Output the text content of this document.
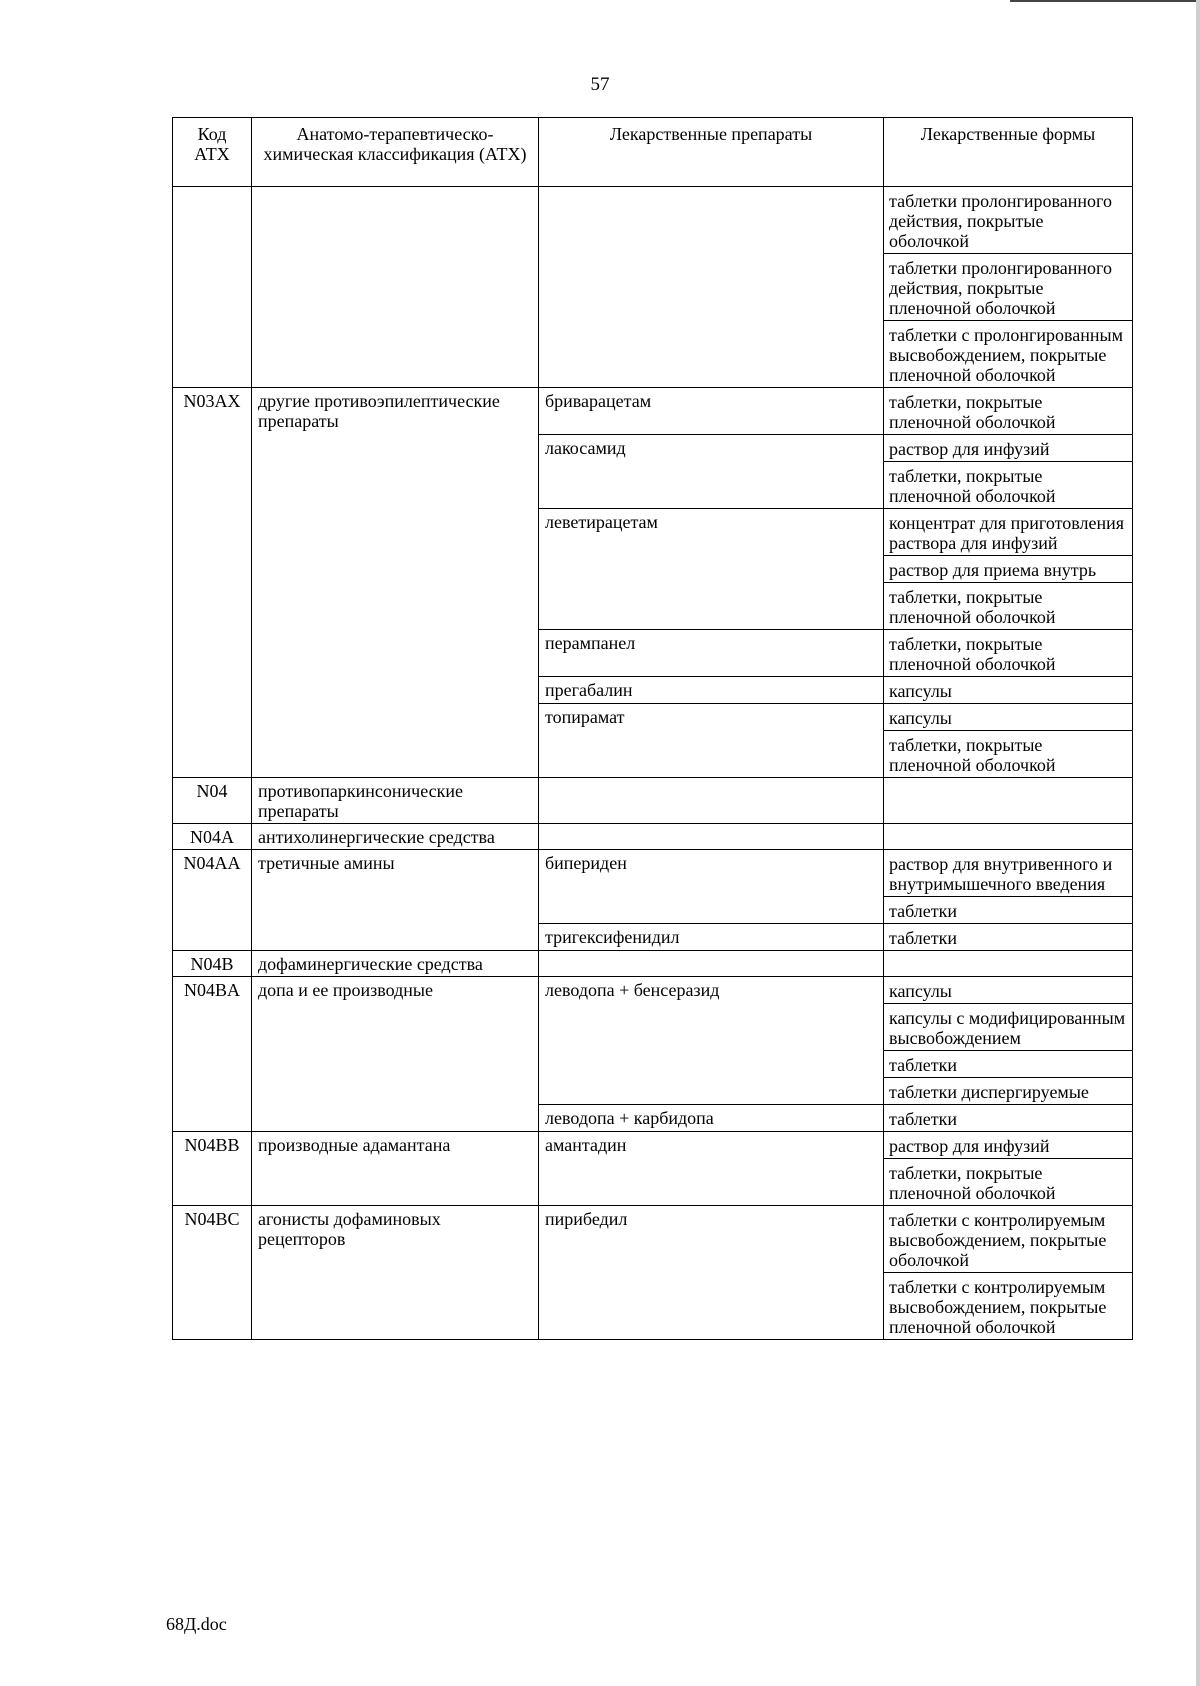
57
Код АТХ	Анатомо-терапевтическо-химическая классификация (АТХ)	Лекарственные препараты	Лекарственные формы

			таблетки пролонгированного действия, покрытые оболочкой
таблетки пролонгированного действия, покрытые пленочной оболочкой
таблетки с пролонгированным высвобождением, покрытые пленочной оболочкой

N03AX	другие противоэпилептические препараты	бриварацетам	таблетки, покрытые пленочной оболочкой

		лакосамид	раствор для инфузий
таблетки, покрытые пленочной оболочкой

		леветирацетам	концентрат для приготовления раствора для инфузий
раствор для приема внутрь
таблетки, покрытые пленочной оболочкой

		перампанел	таблетки, покрытые пленочной оболочкой

		прегабалин	капсулы

		топирамат	капсулы
таблетки, покрытые пленочной оболочкой

N04	противопаркинсонические препараты		

N04A	антихолинергические средства		

N04AA	третичные амины	бипериден	раствор для внутривенного и внутримышечного введения
таблетки

		тригексифенидил	таблетки

N04B	дофаминергические средства		

N04BA	допа и ее производные	леводопа + бенсеразид	капсулы
капсулы с модифицированным высвобождением
таблетки
таблетки диспергируемые

		леводопа + карбидопа	таблетки

N04BB	производные адамантана	амантадин	раствор для инфузий
таблетки, покрытые пленочной оболочкой

N04BC	агонисты дофаминовых рецепторов	пирибедил	таблетки с контролируемым высвобождением, покрытые оболочкой
таблетки с контролируемым высвобождением, покрытые пленочной оболочкой
68Д.doc
